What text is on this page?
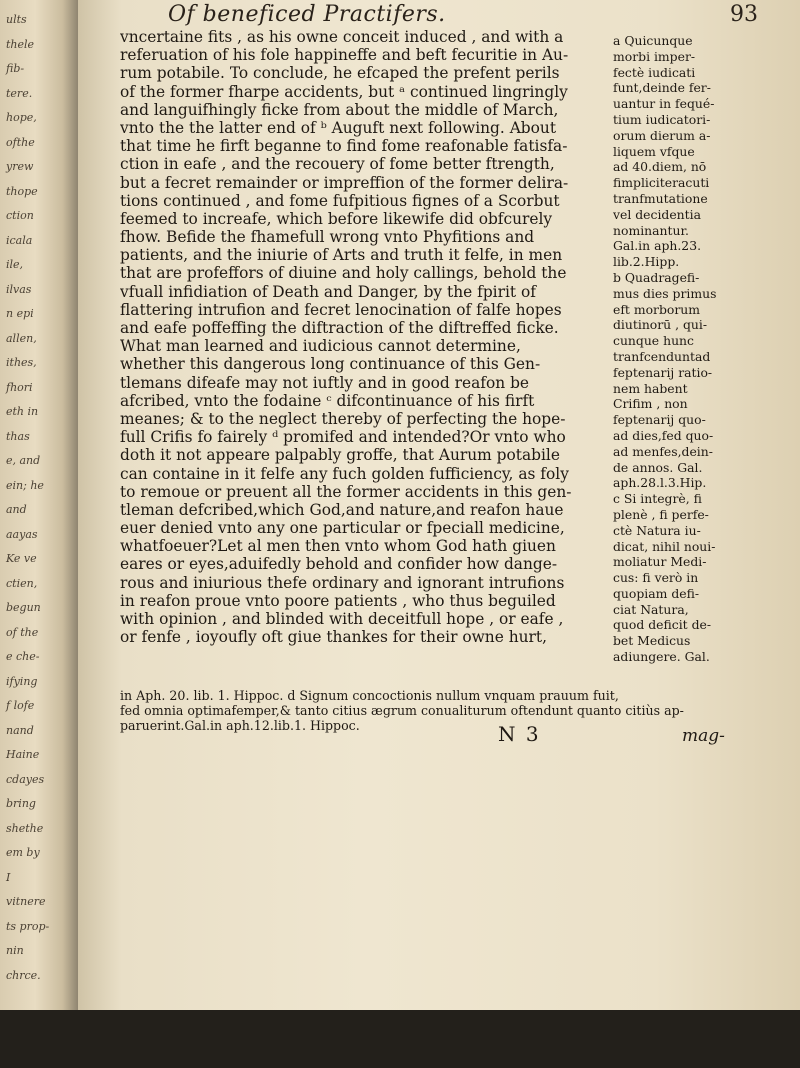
ults
thele
fib-
tere.
hope,
ofthe
yrew
thope
ction
icala
ile,
ilvas
n epi
allen,
ithes,
fhori
eth in
thas
e, and
ein; he
and
aayas
Ke ve
ctien,
begun
of the
e che-
ifying
f lofe
nand
Haine
cdayes
bring
shethe
em by
I
vitnere
ts prop-
nin
chrce.
Of beneficed Practifers.	93
vncertaine fits , as his owne conceit induced , and with a
referuation of his fole happineffe and beft fecuritie in Au-
rum potabile. To conclude, he efcaped the prefent perils
of the former fharpe accidents, but ᵃ continued lingringly
and languifhingly ficke from about the middle of March,
vnto the the latter end of ᵇ Auguft next following. About
that time he firft beganne to find fome reafonable fatisfa-
ction in eafe , and the recouery of fome better ftrength,
but a fecret remainder or impreffion of the former delira-
tions continued , and fome fufpitious fignes of a Scorbut
feemed to increafe, which before likewife did obfcurely
fhow. Befide the fhamefull wrong vnto Phyfitions and
patients, and the iniurie of Arts and truth it felfe, in men
that are profeffors of diuine and holy callings, behold the
vfuall infidiation of Death and Danger, by the fpirit of
flattering intrufion and fecret lenocination of falfe hopes
and eafe poffeffing the diftraction of the diftreffed ficke.
What man learned and iudicious cannot determine,
whether this dangerous long continuance of this Gen-
tlemans difeafe may not iuftly and in good reafon be
afcribed, vnto the fodaine ᶜ difcontinuance of his firft
meanes; & to the neglect thereby of perfecting the hope-
full Crifis fo fairely ᵈ promifed and intended?Or vnto who
doth it not appeare palpably groffe, that Aurum potabile
can containe in it felfe any fuch golden fufficiency, as foly
to remoue or preuent all the former accidents in this gen-
tleman defcribed,which God,and nature,and reafon haue
euer denied vnto any one particular or fpeciall medicine,
whatfoeuer?Let al men then vnto whom God hath giuen
eares or eyes,aduifedly behold and confider how dange-
rous and iniurious thefe ordinary and ignorant intrufions
in reafon proue vnto poore patients , who thus beguiled
with opinion , and blinded with deceitfull hope , or eafe ,
or fenfe , ioyoufly oft giue thankes for their owne hurt,
a Quicunque
morbi imper-
fectè iudicati
funt,deinde fer-
uantur in fequé-
tium iudicatori-
orum dierum a-
liquem vfque
ad 40.diem, nō
fimpliciteracuti
tranfmutatione
vel decidentia
nominantur.
Gal.in aph.23.
lib.2.Hipp.
b Quadragefi-
mus dies primus
eft morborum
diutinorū , qui-
cunque hunc
tranfcenduntad
feptenarij ratio-
nem habent
Crifim , non
feptenarij quo-
ad dies,fed quo-
ad menfes,dein-
de annos. Gal.
aph.28.l.3.Hip.
c Si integrè, fi
plenè , fi perfe-
ctè Natura iu-
dicat, nihil noui-
moliatur Medi-
cus: fi verò in
quopiam defi-
ciat Natura,
quod deficit de-
bet Medicus
adiungere. Gal.
in Aph. 20. lib. 1. Hippoc. d Signum concoctionis nullum vnquam prauum fuit,
fed omnia optimafemper,& tanto citius ægrum conualiturum oftendunt quanto citiùs ap-
paruerint.Gal.in aph.12.lib.1. Hippoc.	N 3	mag-
